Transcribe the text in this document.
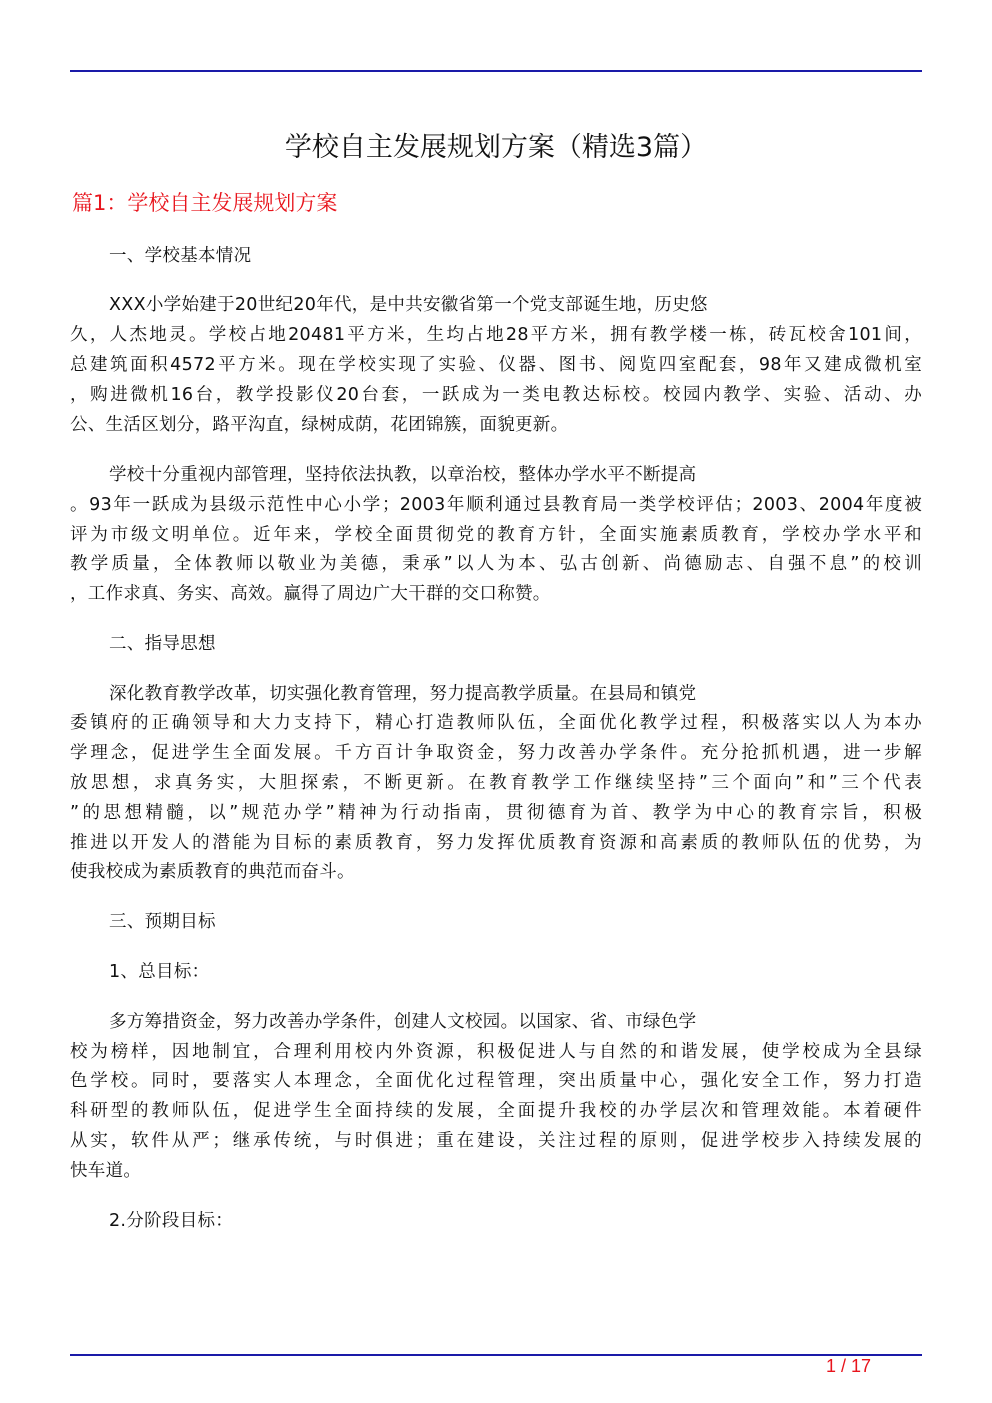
学校自主发展规划方案（精选3篇）
篇1：学校自主发展规划方案
一、学校基本情况
XXX小学始建于20世纪20年代，是中共安徽省第一个党支部诞生地，历史悠
久，人杰地灵。学校占地20481平方米，生均占地28平方米，拥有教学楼一栋，砖瓦校舍101间，
总建筑面积4572平方米。现在学校实现了实验、仪器、图书、阅览四室配套，98年又建成微机室
，购进微机16台，教学投影仪20台套，一跃成为一类电教达标校。校园内教学、实验、活动、办
公、生活区划分，路平沟直，绿树成荫，花团锦簇，面貌更新。
学校十分重视内部管理，坚持依法执教，以章治校，整体办学水平不断提高
。93年一跃成为县级示范性中心小学；2003年顺利通过县教育局一类学校评估；2003、2004年度被
评为市级文明单位。近年来，学校全面贯彻党的教育方针，全面实施素质教育，学校办学水平和
教学质量，全体教师以敬业为美德，秉承”以人为本、弘古创新、尚德励志、自强不息”的校训
，工作求真、务实、高效。赢得了周边广大干群的交口称赞。
二、指导思想
深化教育教学改革，切实强化教育管理，努力提高教学质量。在县局和镇党
委镇府的正确领导和大力支持下，精心打造教师队伍，全面优化教学过程，积极落实以人为本办
学理念，促进学生全面发展。千方百计争取资金，努力改善办学条件。充分抢抓机遇，进一步解
放思想，求真务实，大胆探索，不断更新。在教育教学工作继续坚持”三个面向”和”三个代表
”的思想精髓，以”规范办学”精神为行动指南，贯彻德育为首、教学为中心的教育宗旨，积极
推进以开发人的潜能为目标的素质教育，努力发挥优质教育资源和高素质的教师队伍的优势，为
使我校成为素质教育的典范而奋斗。
三、预期目标
1、总目标：
多方筹措资金，努力改善办学条件，创建人文校园。以国家、省、市绿色学
校为榜样，因地制宜，合理利用校内外资源，积极促进人与自然的和谐发展，使学校成为全县绿
色学校。同时，要落实人本理念，全面优化过程管理，突出质量中心，强化安全工作，努力打造
科研型的教师队伍，促进学生全面持续的发展，全面提升我校的办学层次和管理效能。本着硬件
从实，软件从严；继承传统，与时俱进；重在建设，关注过程的原则，促进学校步入持续发展的
快车道。
2.分阶段目标：
1 / 17
